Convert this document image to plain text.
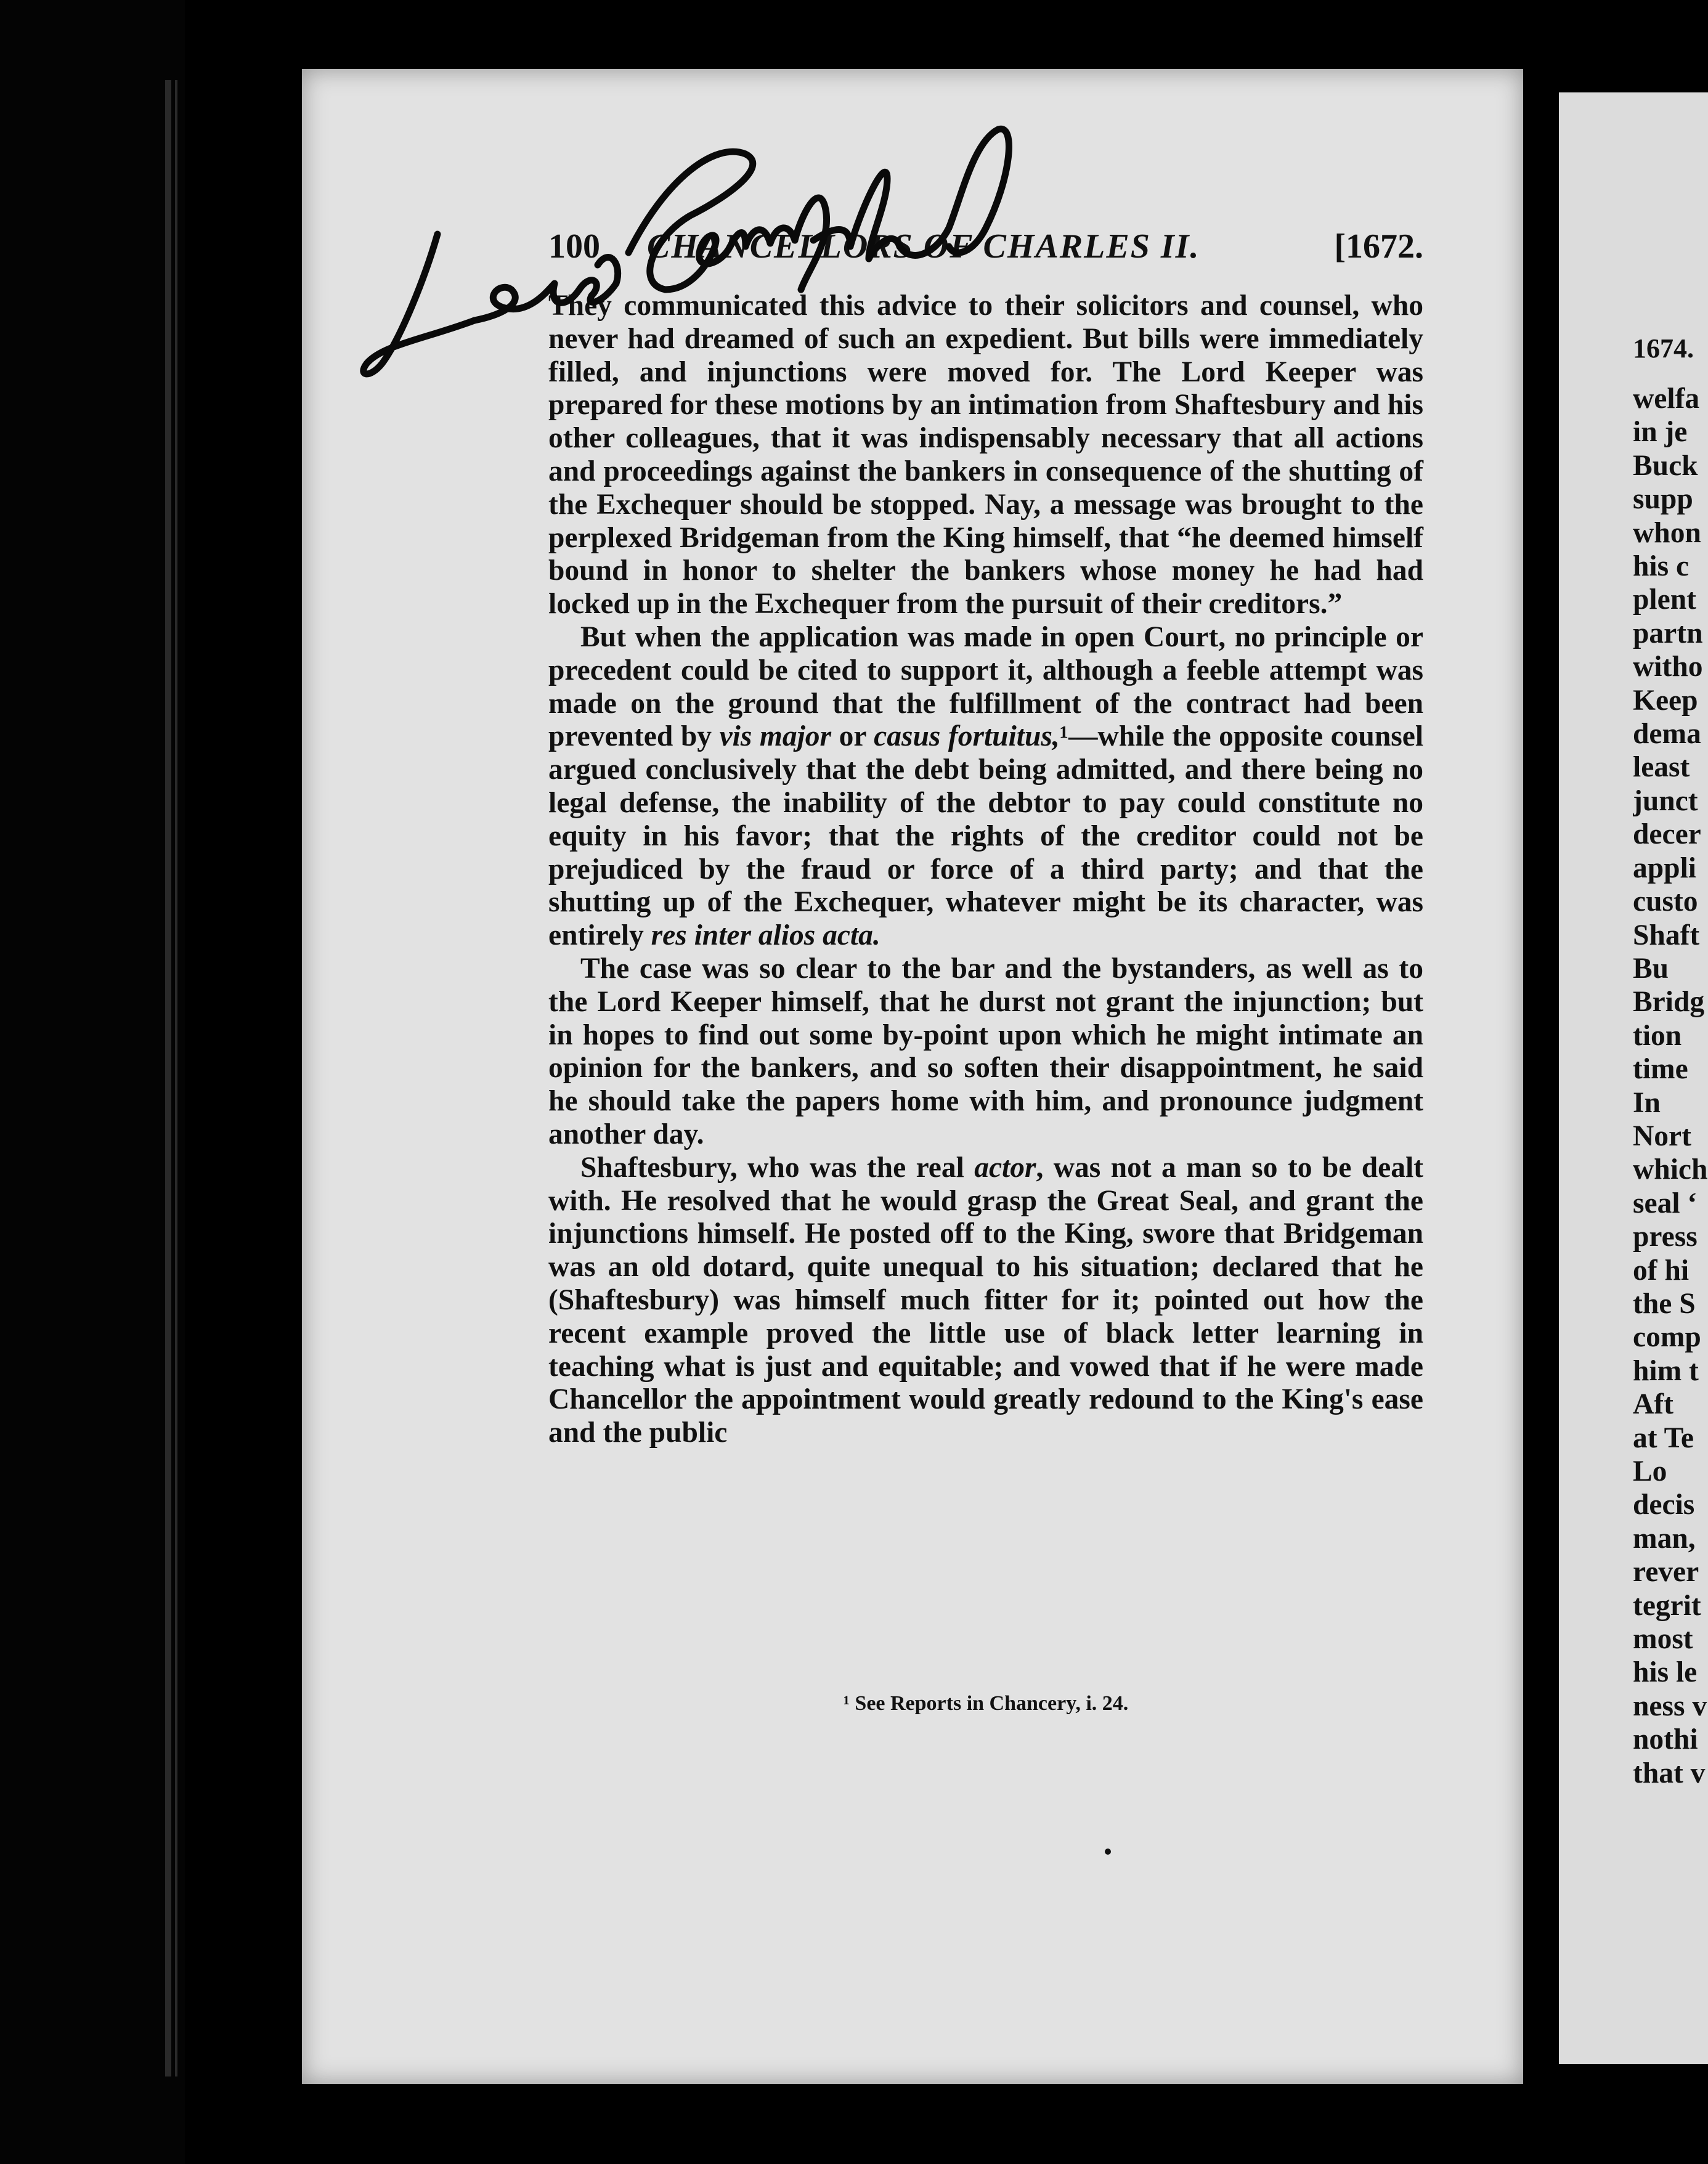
1674.
welfa
in je
Buck
supp
whon
his c
plent
partn
witho
Keep
dema
least
junct
decer
appli
custo
Shaft
Bu
Bridg
tion
time
In
Nort
which
seal ‘
press
of hi
the S
comp
him t
Aft
at Te
Lo
decis
man,
rever
tegrit
most
his le
ness v
nothi
that v
100 CHANCELLORS OF CHARLES II.	[1672.

They communicated this advice to their solicitors and counsel, who never had dreamed of such an expedient. But bills were immediately filled, and injunctions were moved for. The Lord Keeper was prepared for these motions by an intimation from Shaftesbury and his other colleagues, that it was indispensably necessary that all actions and proceedings against the bankers in consequence of the shutting of the Exchequer should be stopped. Nay, a message was brought to the perplexed Bridgeman from the King himself, that “he deemed himself bound in honor to shelter the bankers whose money he had had locked up in the Exchequer from the pursuit of their creditors.”

But when the application was made in open Court, no principle or precedent could be cited to support it, although a feeble attempt was made on the ground that the fulfillment of the contract had been prevented by vis major or casus fortuitus,¹—while the opposite counsel argued conclusively that the debt being admitted, and there being no legal defense, the inability of the debtor to pay could constitute no equity in his favor; that the rights of the creditor could not be prejudiced by the fraud or force of a third party; and that the shutting up of the Exchequer, whatever might be its character, was entirely res inter alios acta.

The case was so clear to the bar and the bystanders, as well as to the Lord Keeper himself, that he durst not grant the injunction; but in hopes to find out some by-point upon which he might intimate an opinion for the bankers, and so soften their disappointment, he said he should take the papers home with him, and pronounce judgment another day.

Shaftesbury, who was the real actor, was not a man so to be dealt with. He resolved that he would grasp the Great Seal, and grant the injunctions himself. He posted off to the King, swore that Bridgeman was an old dotard, quite unequal to his situation; declared that he (Shaftesbury) was himself much fitter for it; pointed out how the recent example proved the little use of black letter learning in teaching what is just and equitable; and vowed that if he were made Chancellor the appointment would greatly redound to the King's ease and the public

¹ See Reports in Chancery, i. 24.
